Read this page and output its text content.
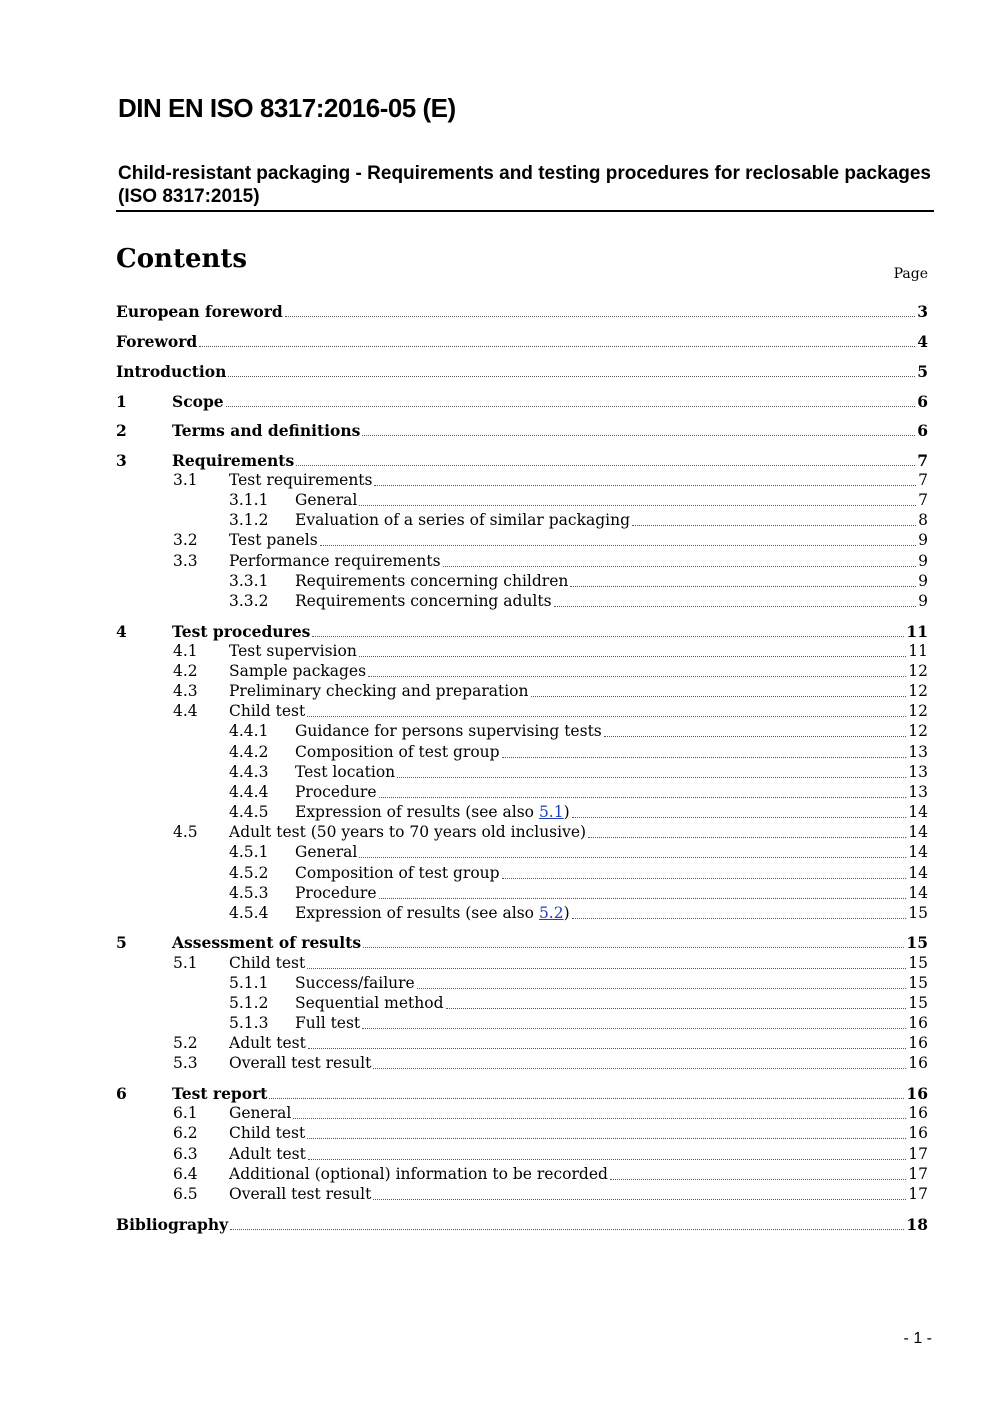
DIN EN ISO 8317:2016-05 (E)
Child-resistant packaging - Requirements and testing procedures for reclosable packages (ISO 8317:2015)
Contents	Page
European foreword	3
Foreword	4
Introduction	5
1	Scope	6
2	Terms and definitions	6
3	Requirements	7
3.1	Test requirements	7
3.1.1	General	7
3.1.2	Evaluation of a series of similar packaging	8
3.2	Test panels	9
3.3	Performance requirements	9
3.3.1	Requirements concerning children	9
3.3.2	Requirements concerning adults	9
4	Test procedures	11
4.1	Test supervision	11
4.2	Sample packages	12
4.3	Preliminary checking and preparation	12
4.4	Child test	12
4.4.1	Guidance for persons supervising tests	12
4.4.2	Composition of test group	13
4.4.3	Test location	13
4.4.4	Procedure	13
4.4.5	Expression of results (see also 5.1)	14
4.5	Adult test (50 years to 70 years old inclusive)	14
4.5.1	General	14
4.5.2	Composition of test group	14
4.5.3	Procedure	14
4.5.4	Expression of results (see also 5.2)	15
5	Assessment of results	15
5.1	Child test	15
5.1.1	Success/failure	15
5.1.2	Sequential method	15
5.1.3	Full test	16
5.2	Adult test	16
5.3	Overall test result	16
6	Test report	16
6.1	General	16
6.2	Child test	16
6.3	Adult test	17
6.4	Additional (optional) information to be recorded	17
6.5	Overall test result	17
Bibliography	18
- 1 -
